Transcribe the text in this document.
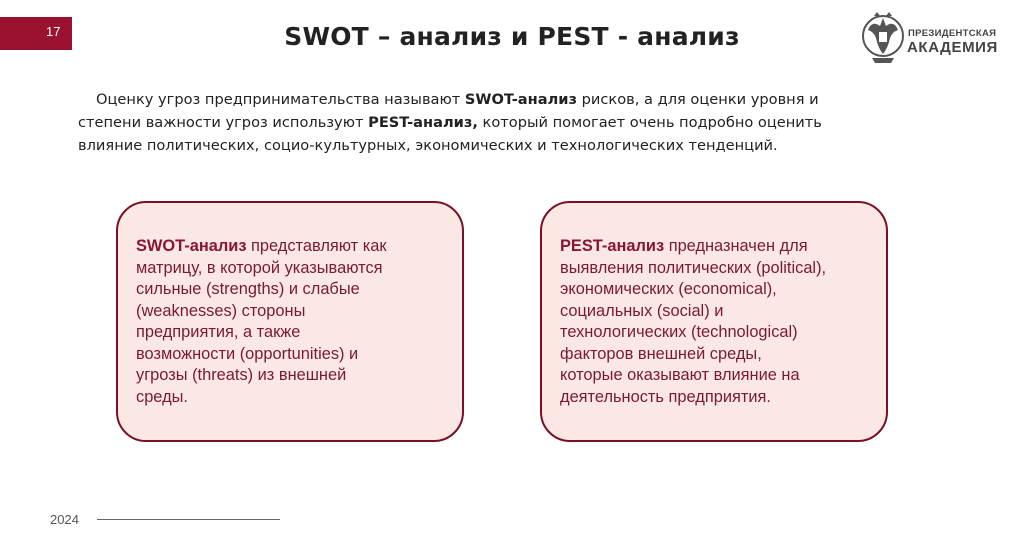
17	SWOT – анализ и PEST - анализ	ПРЕЗИДЕНТСКАЯ
АКАДЕМИЯ

Оценку угроз предпринимательства называют SWOT-анализ рисков, а для оценки уровня и
степени важности угроз используют PEST-анализ, который помогает очень подробно оценить
влияние политических, социо-культурных, экономических и технологических тенденций.

SWOT-анализ представляют как
матрицу, в которой указываются
сильные (strengths) и слабые
(weaknesses) стороны
предприятия, а также
возможности (opportunities) и
угрозы (threats) из внешней
среды.

PEST-анализ предназначен для
выявления политических (political),
экономических (economical),
социальных (social) и
технологических (technological)
факторов внешней среды,
которые оказывают влияние на
деятельность предприятия.

2024
